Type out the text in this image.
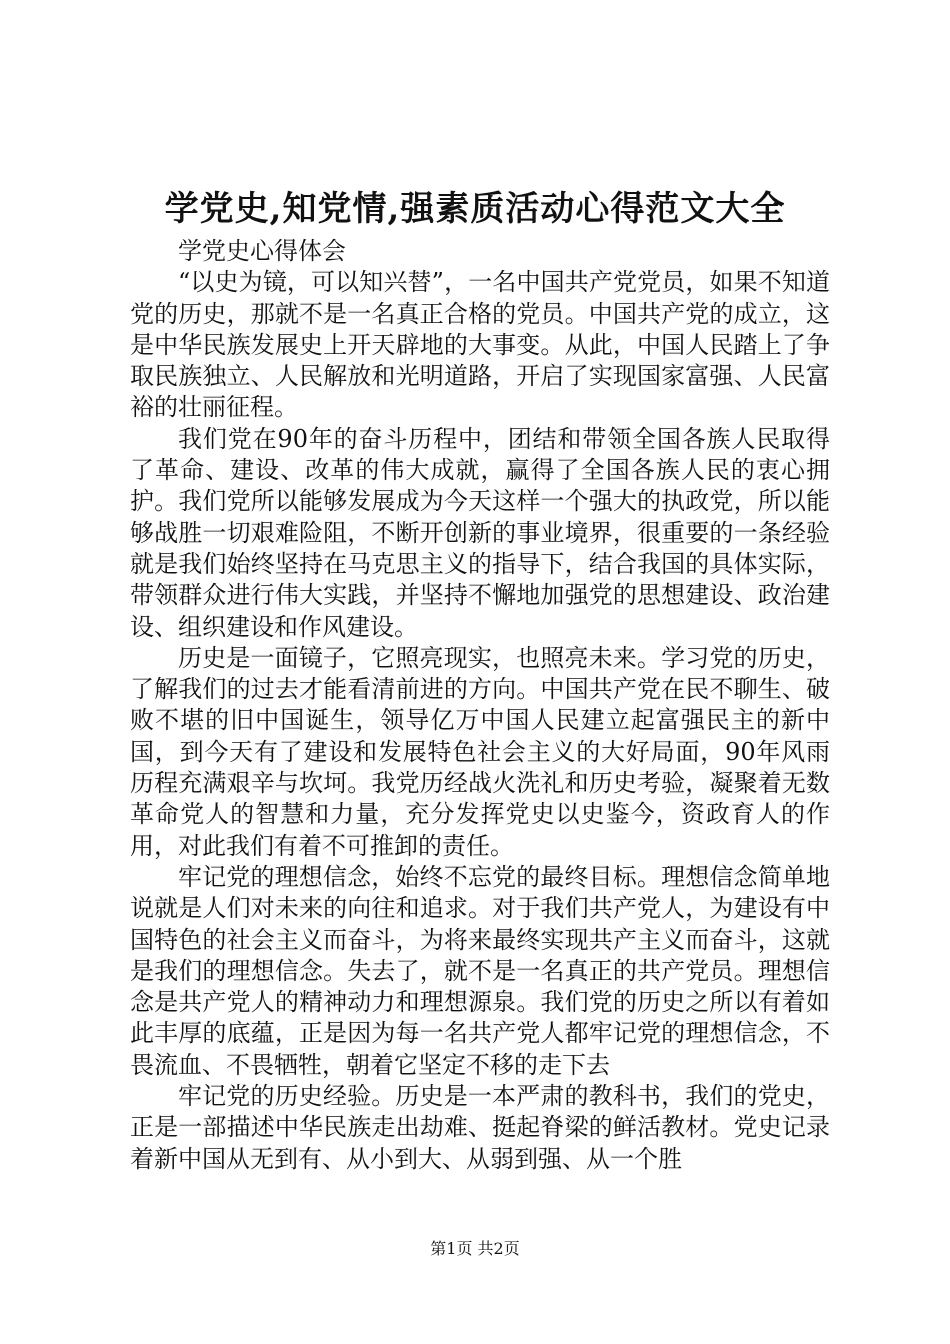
学党史,知党情,强素质活动心得范文大全

学党史心得体会

“以史为镜，可以知兴替”，一名中国共产党党员，如果不知道党的历史，那就不是一名真正合格的党员。中国共产党的成立，这是中华民族发展史上开天辟地的大事变。从此，中国人民踏上了争取民族独立、人民解放和光明道路，开启了实现国家富强、人民富裕的壮丽征程。

我们党在90年的奋斗历程中，团结和带领全国各族人民取得了革命、建设、改革的伟大成就，赢得了全国各族人民的衷心拥护。我们党所以能够发展成为今天这样一个强大的执政党，所以能够战胜一切艰难险阻，不断开创新的事业境界，很重要的一条经验就是我们始终坚持在马克思主义的指导下，结合我国的具体实际，带领群众进行伟大实践，并坚持不懈地加强党的思想建设、政治建设、组织建设和作风建设。

历史是一面镜子，它照亮现实，也照亮未来。学习党的历史，了解我们的过去才能看清前进的方向。中国共产党在民不聊生、破败不堪的旧中国诞生，领导亿万中国人民建立起富强民主的新中国，到今天有了建设和发展特色社会主义的大好局面，90年风雨历程充满艰辛与坎坷。我党历经战火洗礼和历史考验，凝聚着无数革命党人的智慧和力量，充分发挥党史以史鉴今，资政育人的作用，对此我们有着不可推卸的责任。

牢记党的理想信念，始终不忘党的最终目标。理想信念简单地说就是人们对未来的向往和追求。对于我们共产党人，为建设有中国特色的社会主义而奋斗，为将来最终实现共产主义而奋斗，这就是我们的理想信念。失去了，就不是一名真正的共产党员。理想信念是共产党人的精神动力和理想源泉。我们党的历史之所以有着如此丰厚的底蕴，正是因为每一名共产党人都牢记党的理想信念，不畏流血、不畏牺牲，朝着它坚定不移的走下去

牢记党的历史经验。历史是一本严肃的教科书，我们的党史，正是一部描述中华民族走出劫难、挺起脊梁的鲜活教材。党史记录着新中国从无到有、从小到大、从弱到强、从一个胜

第1页 共2页
